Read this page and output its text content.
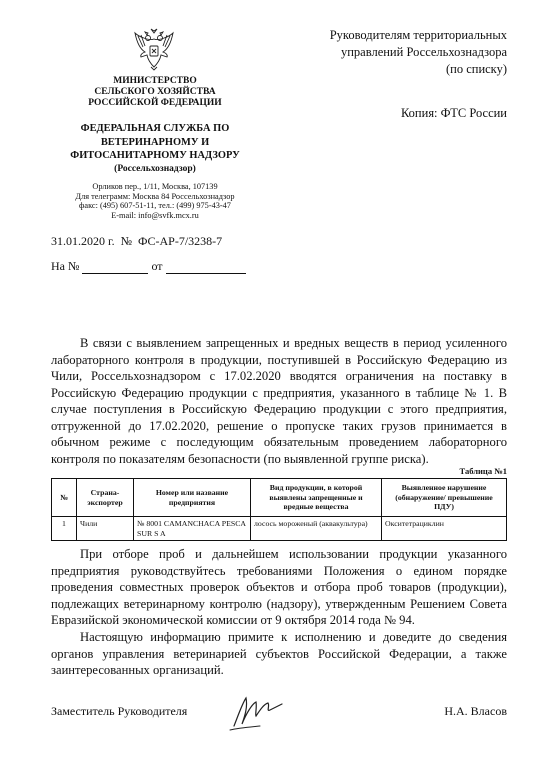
МИНИСТЕРСТВО
СЕЛЬСКОГО ХОЗЯЙСТВА
РОССИЙСКОЙ ФЕДЕРАЦИИ
ФЕДЕРАЛЬНАЯ СЛУЖБА ПО
ВЕТЕРИНАРНОМУ И
ФИТОСАНИТАРНОМУ НАДЗОРУ
(Россельхознадзор)
Орликов пер., 1/11, Москва, 107139
Для телеграмм: Москва 84 Россельхознадзор
факс: (495) 607-51-11, тел.: (499) 975-43-47
E-mail: info@svfk.mcx.ru
31.01.2020 г.  №  ФС-АР-7/3238-7
На №	от
Руководителям территориальных
управлений Россельхознадзора
(по списку)
Копия: ФТС России
В связи с выявлением запрещенных и вредных веществ в период усиленного лабораторного контроля в продукции, поступившей в Российскую Федерацию из Чили, Россельхознадзором с 17.02.2020 вводятся ограничения на поставку в Российскую Федерацию продукции с предприятия, указанного в таблице № 1. В случае поступления в Российскую Федерацию продукции с этого предприятия, отгруженной до 17.02.2020, решение о пропуске таких грузов принимается в обычном режиме с последующим обязательным проведением лабораторного контроля по показателям безопасности (по выявленной группе риска).
Таблица №1
№	Страна-экспортер	Номер или название предприятия	Вид продукции, в которой выявлены запрещенные и вредные вещества	Выявленное нарушение (обнаружение/ превышение ПДУ)
1	Чили	№ 8001 CAMANCHACA PESCA SUR S A	лосось мороженый (аквакультура)	Окситетрациклин
При отборе проб и дальнейшем использовании продукции указанного предприятия руководствуйтесь требованиями Положения о едином порядке проведения совместных проверок объектов и отбора проб товаров (продукции), подлежащих ветеринарному контролю (надзору), утвержденным Решением Совета Евразийской экономической комиссии от 9 октября 2014 года № 94.
Настоящую информацию примите к исполнению и доведите до сведения органов управления ветеринарией субъектов Российской Федерации, а также заинтересованных организаций.
Заместитель Руководителя	Н.А. Власов
